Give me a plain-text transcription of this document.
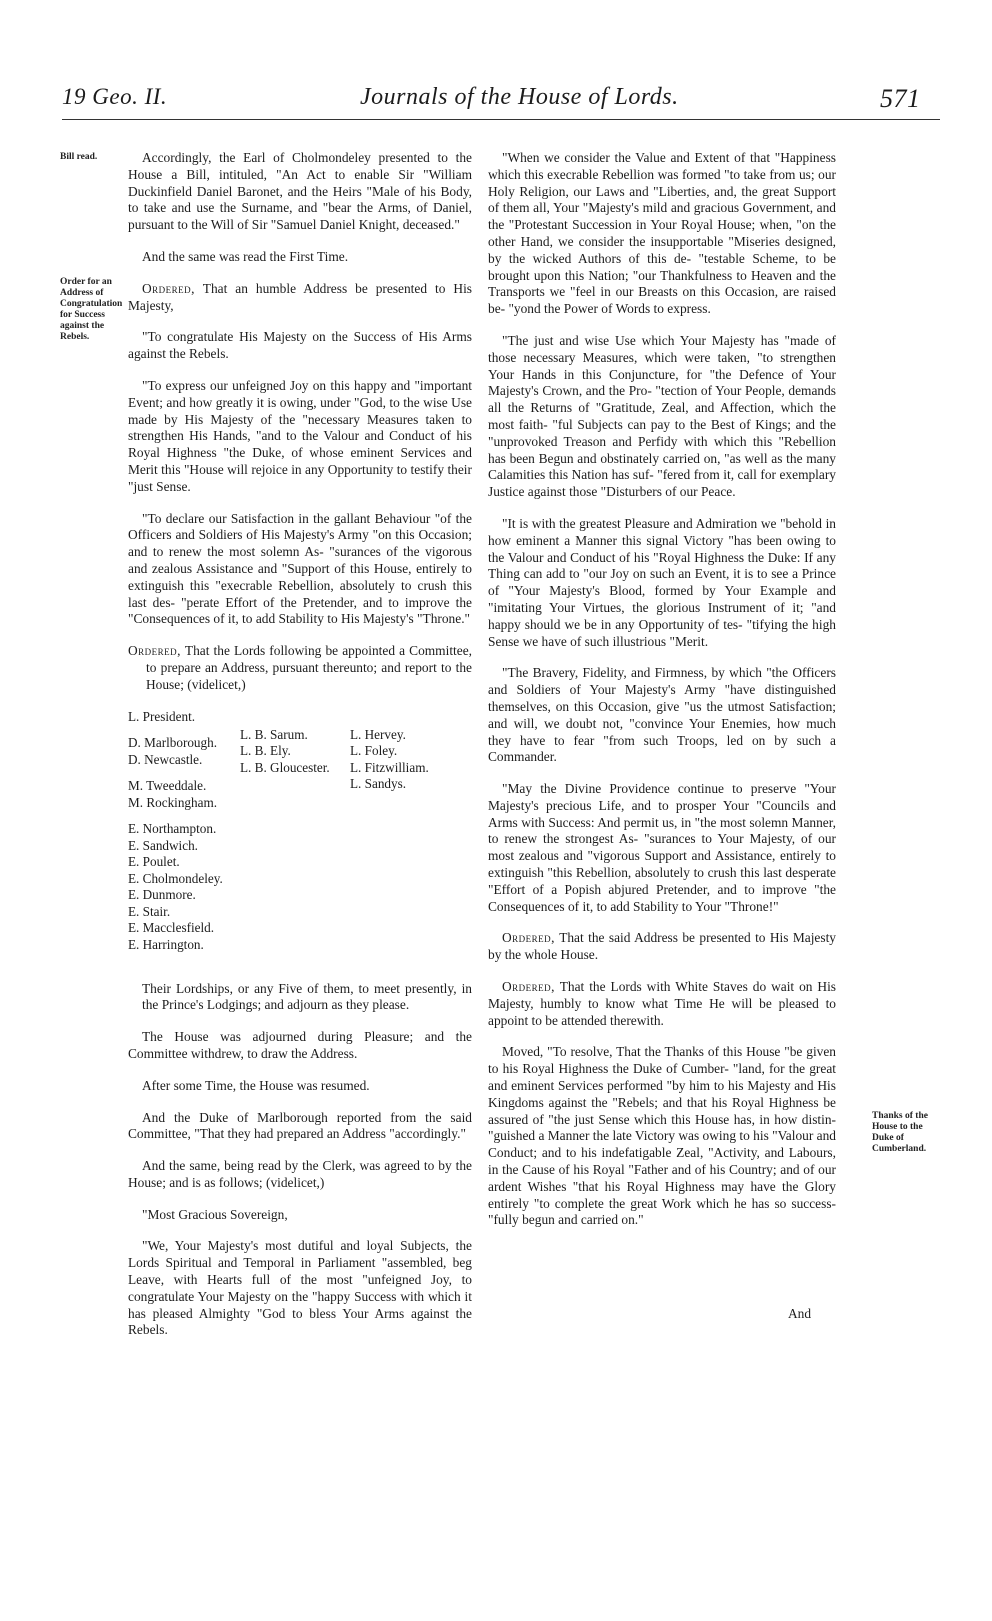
19 Geo. II.	Journals of the House of Lords.	571
Bill read.
Order for an Address of Congratulation for Success against the Rebels.
Thanks of the House to the Duke of Cumberland.

Accordingly, the Earl of Cholmondeley presented to the House a Bill, intituled, "An Act to enable Sir "William Duckinfield Daniel Baronet, and the Heirs "Male of his Body, to take and use the Surname, and "bear the Arms, of Daniel, pursuant to the Will of Sir "Samuel Daniel Knight, deceased."

And the same was read the First Time.

Ordered, That an humble Address be presented to His Majesty,

"To congratulate His Majesty on the Success of His Arms against the Rebels.

"To express our unfeigned Joy on this happy and "important Event; and how greatly it is owing, under "God, to the wise Use made by His Majesty of the "necessary Measures taken to strengthen His Hands, "and to the Valour and Conduct of his Royal Highness "the Duke, of whose eminent Services and Merit this "House will rejoice in any Opportunity to testify their "just Sense.

"To declare our Satisfaction in the gallant Behaviour "of the Officers and Soldiers of His Majesty's Army "on this Occasion; and to renew the most solemn As- "surances of the vigorous and zealous Assistance and "Support of this House, entirely to extinguish this "execrable Rebellion, absolutely to crush this last des- "perate Effort of the Pretender, and to improve the "Consequences of it, to add Stability to His Majesty's "Throne."

Ordered, That the Lords following be appointed a Committee, to prepare an Address, pursuant thereunto; and report to the House; (videlicet,)

L. President.
D. Marlborough.
D. Newcastle.
M. Tweeddale.
M. Rockingham.
E. Northampton.
E. Sandwich.
E. Poulet.
E. Cholmondeley.
E. Dunmore.
E. Stair.
E. Macclesfield.
E. Harrington.
L. B. Sarum.
L. B. Ely.
L. B. Gloucester.
L. Hervey.
L. Foley.
L. Fitzwilliam.
L. Sandys.

Their Lordships, or any Five of them, to meet presently, in the Prince's Lodgings; and adjourn as they please.

The House was adjourned during Pleasure; and the Committee withdrew, to draw the Address.

After some Time, the House was resumed.

And the Duke of Marlborough reported from the said Committee, "That they had prepared an Address "accordingly."

And the same, being read by the Clerk, was agreed to by the House; and is as follows; (videlicet,)

"Most Gracious Sovereign,

"We, Your Majesty's most dutiful and loyal Subjects, the Lords Spiritual and Temporal in Parliament "assembled, beg Leave, with Hearts full of the most "unfeigned Joy, to congratulate Your Majesty on the "happy Success with which it has pleased Almighty "God to bless Your Arms against the Rebels.

"When we consider the Value and Extent of that "Happiness which this execrable Rebellion was formed "to take from us; our Holy Religion, our Laws and "Liberties, and, the great Support of them all, Your "Majesty's mild and gracious Government, and the "Protestant Succession in Your Royal House; when, "on the other Hand, we consider the insupportable "Miseries designed, by the wicked Authors of this de- "testable Scheme, to be brought upon this Nation; "our Thankfulness to Heaven and the Transports we "feel in our Breasts on this Occasion, are raised be- "yond the Power of Words to express.

"The just and wise Use which Your Majesty has "made of those necessary Measures, which were taken, "to strengthen Your Hands in this Conjuncture, for "the Defence of Your Majesty's Crown, and the Pro- "tection of Your People, demands all the Returns of "Gratitude, Zeal, and Affection, which the most faith- "ful Subjects can pay to the Best of Kings; and the "unprovoked Treason and Perfidy with which this "Rebellion has been Begun and obstinately carried on, "as well as the many Calamities this Nation has suf- "fered from it, call for exemplary Justice against those "Disturbers of our Peace.

"It is with the greatest Pleasure and Admiration we "behold in how eminent a Manner this signal Victory "has been owing to the Valour and Conduct of his "Royal Highness the Duke: If any Thing can add to "our Joy on such an Event, it is to see a Prince of "Your Majesty's Blood, formed by Your Example and "imitating Your Virtues, the glorious Instrument of it; "and happy should we be in any Opportunity of tes- "tifying the high Sense we have of such illustrious "Merit.

"The Bravery, Fidelity, and Firmness, by which "the Officers and Soldiers of Your Majesty's Army "have distinguished themselves, on this Occasion, give "us the utmost Satisfaction; and will, we doubt not, "convince Your Enemies, how much they have to fear "from such Troops, led on by such a Commander.

"May the Divine Providence continue to preserve "Your Majesty's precious Life, and to prosper Your "Councils and Arms with Success: And permit us, in "the most solemn Manner, to renew the strongest As- "surances to Your Majesty, of our most zealous and "vigorous Support and Assistance, entirely to extinguish "this Rebellion, absolutely to crush this last desperate "Effort of a Popish abjured Pretender, and to improve "the Consequences of it, to add Stability to Your "Throne!"

Ordered, That the said Address be presented to His Majesty by the whole House.

Ordered, That the Lords with White Staves do wait on His Majesty, humbly to know what Time He will be pleased to appoint to be attended therewith.

Moved, "To resolve, That the Thanks of this House "be given to his Royal Highness the Duke of Cumber- "land, for the great and eminent Services performed "by him to his Majesty and His Kingdoms against the "Rebels; and that his Royal Highness be assured of "the just Sense which this House has, in how distin- "guished a Manner the late Victory was owing to his "Valour and Conduct; and to his indefatigable Zeal, "Activity, and Labours, in the Cause of his Royal "Father and of his Country; and of our ardent Wishes "that his Royal Highness may have the Glory entirely "to complete the great Work which he has so success- "fully begun and carried on."

And
